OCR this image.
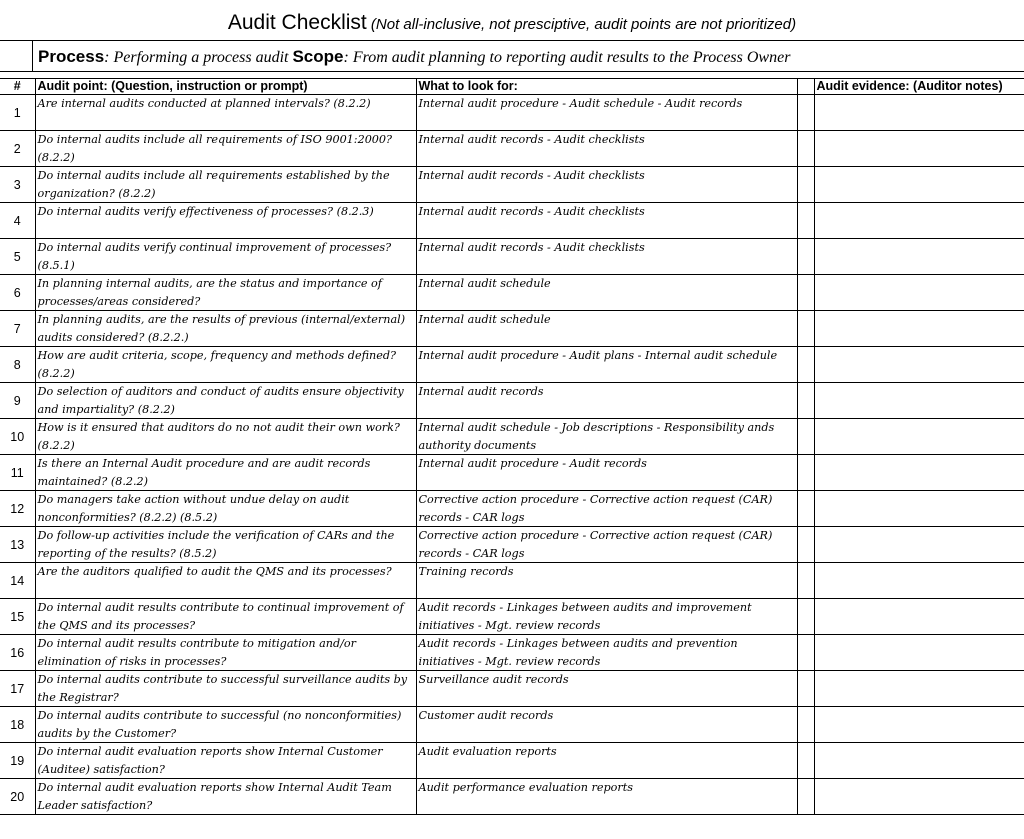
Audit Checklist (Not all-inclusive, not presciptive, audit points are not prioritized)
Process: Performing a process audit Scope: From audit planning to reporting audit results to the Process Owner
#	Audit point: (Question, instruction or prompt)	What to look for:		Audit evidence: (Auditor notes)
1	Are internal audits conducted at planned intervals? (8.2.2)	Internal audit procedure - Audit schedule - Audit records		
2	Do internal audits include all requirements of ISO 9001:2000? (8.2.2)	Internal audit records - Audit checklists		
3	Do internal audits include all requirements established by the organization? (8.2.2)	Internal audit records - Audit checklists		
4	Do internal audits verify effectiveness of processes? (8.2.3)	Internal audit records - Audit checklists		
5	Do internal audits verify continual improvement of processes? (8.5.1)	Internal audit records - Audit checklists		
6	In planning internal audits, are the status and importance of processes/areas considered?	Internal audit schedule		
7	In planning audits, are the results of previous (internal/external) audits considered? (8.2.2.)	Internal audit schedule		
8	How are audit criteria, scope, frequency and methods defined? (8.2.2)	Internal audit procedure - Audit plans - Internal audit schedule		
9	Do selection of auditors and conduct of audits ensure objectivity and impartiality? (8.2.2)	Internal audit records		
10	How is it ensured that auditors do no not audit their own work? (8.2.2)	Internal audit schedule - Job descriptions - Responsibility ands authority documents		
11	Is there an Internal Audit procedure and are audit records maintained? (8.2.2)	Internal audit procedure - Audit records		
12	Do managers take action without undue delay on audit nonconformities? (8.2.2) (8.5.2)	Corrective action procedure - Corrective action request (CAR) records - CAR logs		
13	Do follow-up activities include the verification of CARs and the reporting of the results? (8.5.2)	Corrective action procedure - Corrective action request (CAR) records - CAR logs		
14	Are the auditors qualified to audit the QMS and its processes?	Training records		
15	Do internal audit results contribute to continual improvement of the QMS and its processes?	Audit records - Linkages between audits and improvement initiatives - Mgt. review records		
16	Do internal audit results contribute to mitigation and/or elimination of risks in processes?	Audit records - Linkages between audits and prevention initiatives - Mgt. review records		
17	Do internal audits contribute to successful surveillance audits by the Registrar?	Surveillance audit records		
18	Do internal audits contribute to successful (no nonconformities) audits by the Customer?	Customer audit records		
19	Do internal audit evaluation reports show Internal Customer (Auditee) satisfaction?	Audit evaluation reports		
20	Do internal audit evaluation reports show Internal Audit Team Leader satisfaction?	Audit performance evaluation reports		
